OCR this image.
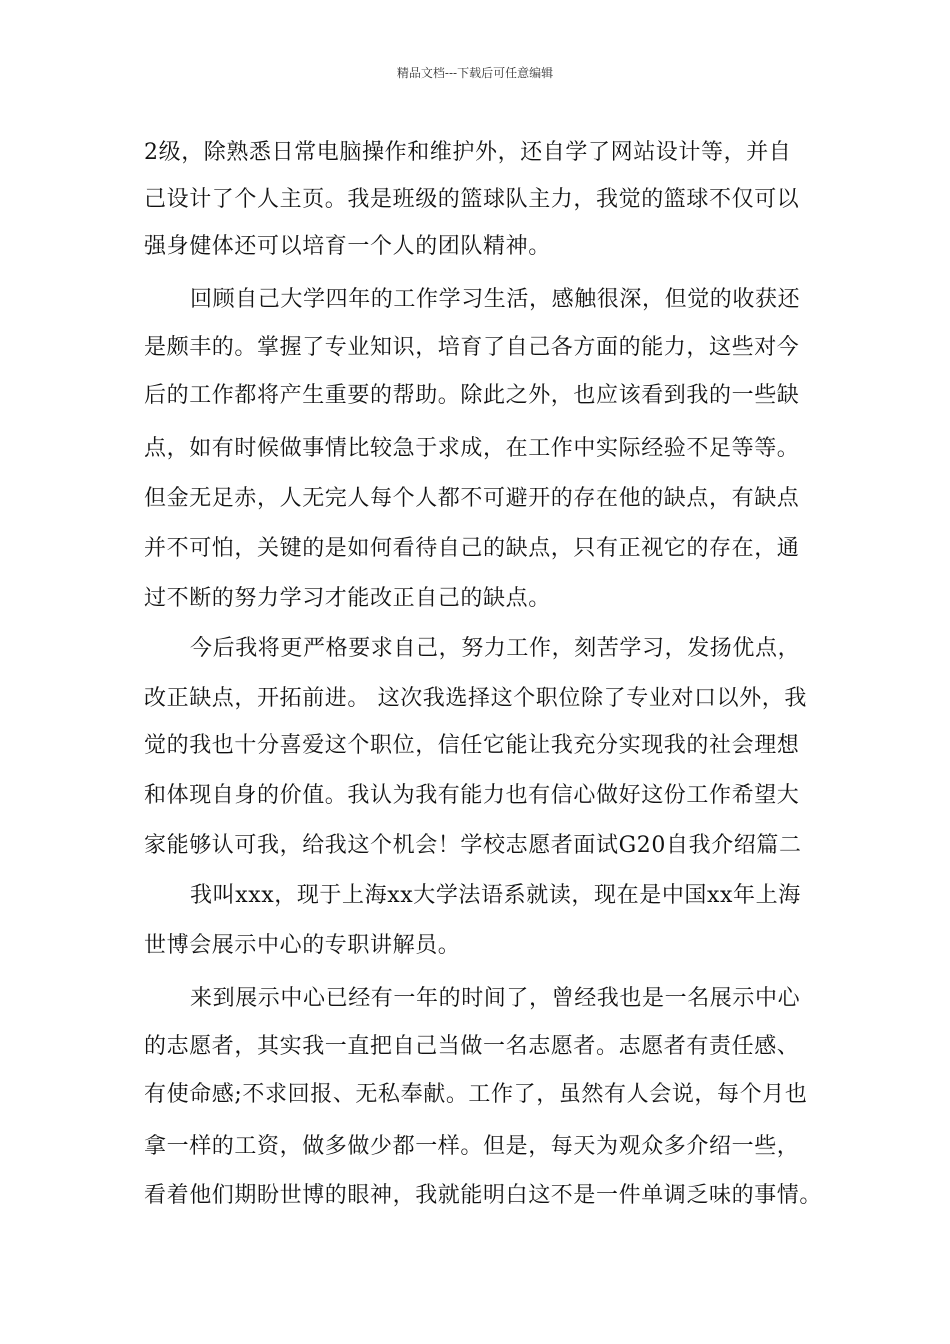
精品文档---下载后可任意编辑
2级，除熟悉日常电脑操作和维护外，还自学了网站设计等，并自
己设计了个人主页。我是班级的篮球队主力，我觉的篮球不仅可以
强身健体还可以培育一个人的团队精神。
回顾自己大学四年的工作学习生活，感触很深，但觉的收获还
是颇丰的。掌握了专业知识，培育了自己各方面的能力，这些对今
后的工作都将产生重要的帮助。除此之外，也应该看到我的一些缺
点，如有时候做事情比较急于求成，在工作中实际经验不足等等。
但金无足赤，人无完人每个人都不可避开的存在他的缺点，有缺点
并不可怕，关键的是如何看待自己的缺点，只有正视它的存在，通
过不断的努力学习才能改正自己的缺点。
今后我将更严格要求自己，努力工作，刻苦学习，发扬优点，
改正缺点，开拓前进。 这次我选择这个职位除了专业对口以外，我
觉的我也十分喜爱这个职位，信任它能让我充分实现我的社会理想
和体现自身的价值。我认为我有能力也有信心做好这份工作希望大
家能够认可我，给我这个机会！学校志愿者面试G20自我介绍篇二
我叫xxx，现于上海xx大学法语系就读，现在是中国xx年上海
世博会展示中心的专职讲解员。
来到展示中心已经有一年的时间了，曾经我也是一名展示中心
的志愿者，其实我一直把自己当做一名志愿者。志愿者有责任感、
有使命感;不求回报、无私奉献。工作了，虽然有人会说，每个月也
拿一样的工资，做多做少都一样。但是，每天为观众多介绍一些，
看着他们期盼世博的眼神，我就能明白这不是一件单调乏味的事情。
